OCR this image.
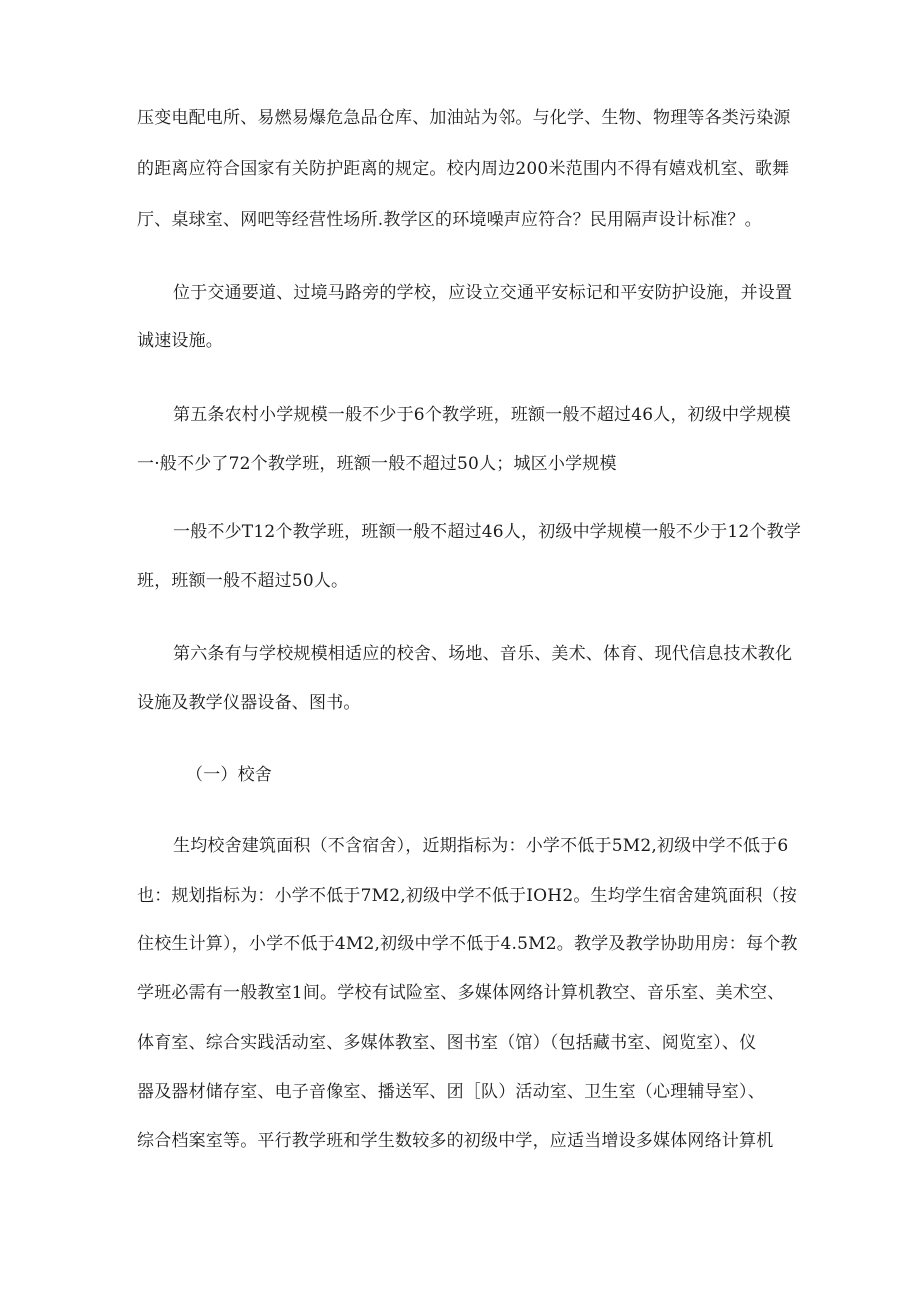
压变电配电所、易燃易爆危急品仓库、加油站为邻。与化学、生物、物理等各类污染源
的距离应符合国家有关防护距离的规定。校内周边200米范围内不得有嬉戏机室、歌舞
厅、桌球室、网吧等经营性场所.教学区的环境噪声应符合？民用隔声设计标准？。
位于交通要道、过境马路旁的学校，应设立交通平安标记和平安防护设施，并设置
诚速设施。
第五条农村小学规模一般不少于6个教学班，班额一般不超过46人，初级中学规模
一·般不少了72个教学班，班额一般不超过50人；城区小学规模
一般不少T12个教学班，班额一般不超过46人，初级中学规模一般不少于12个教学
班，班额一般不超过50人。
第六条有与学校规模相适应的校舍、场地、音乐、美术、体育、现代信息技术教化
设施及教学仪器设备、图书。
（一）校舍
生均校舍建筑面积（不含宿舍），近期指标为：小学不低于5M2,初级中学不低于6
也：规划指标为：小学不低于7M2,初级中学不低于IOH2。生均学生宿舍建筑面积（按
住校生计算），小学不低于4M2,初级中学不低于4.5M2。教学及教学协助用房：每个教
学班必需有一般教室1间。学校有试险室、多媒体网络计算机教空、音乐室、美术空、
体育室、综合实践活动室、多媒体教室、图书室（馆）（包括藏书室、阅览室）、仪
器及器材储存室、电子音像室、播送军、团［队）活动室、卫生室（心理辅导室）、
综合档案室等。平行教学班和学生数较多的初级中学，应适当增设多媒体网络计算机
